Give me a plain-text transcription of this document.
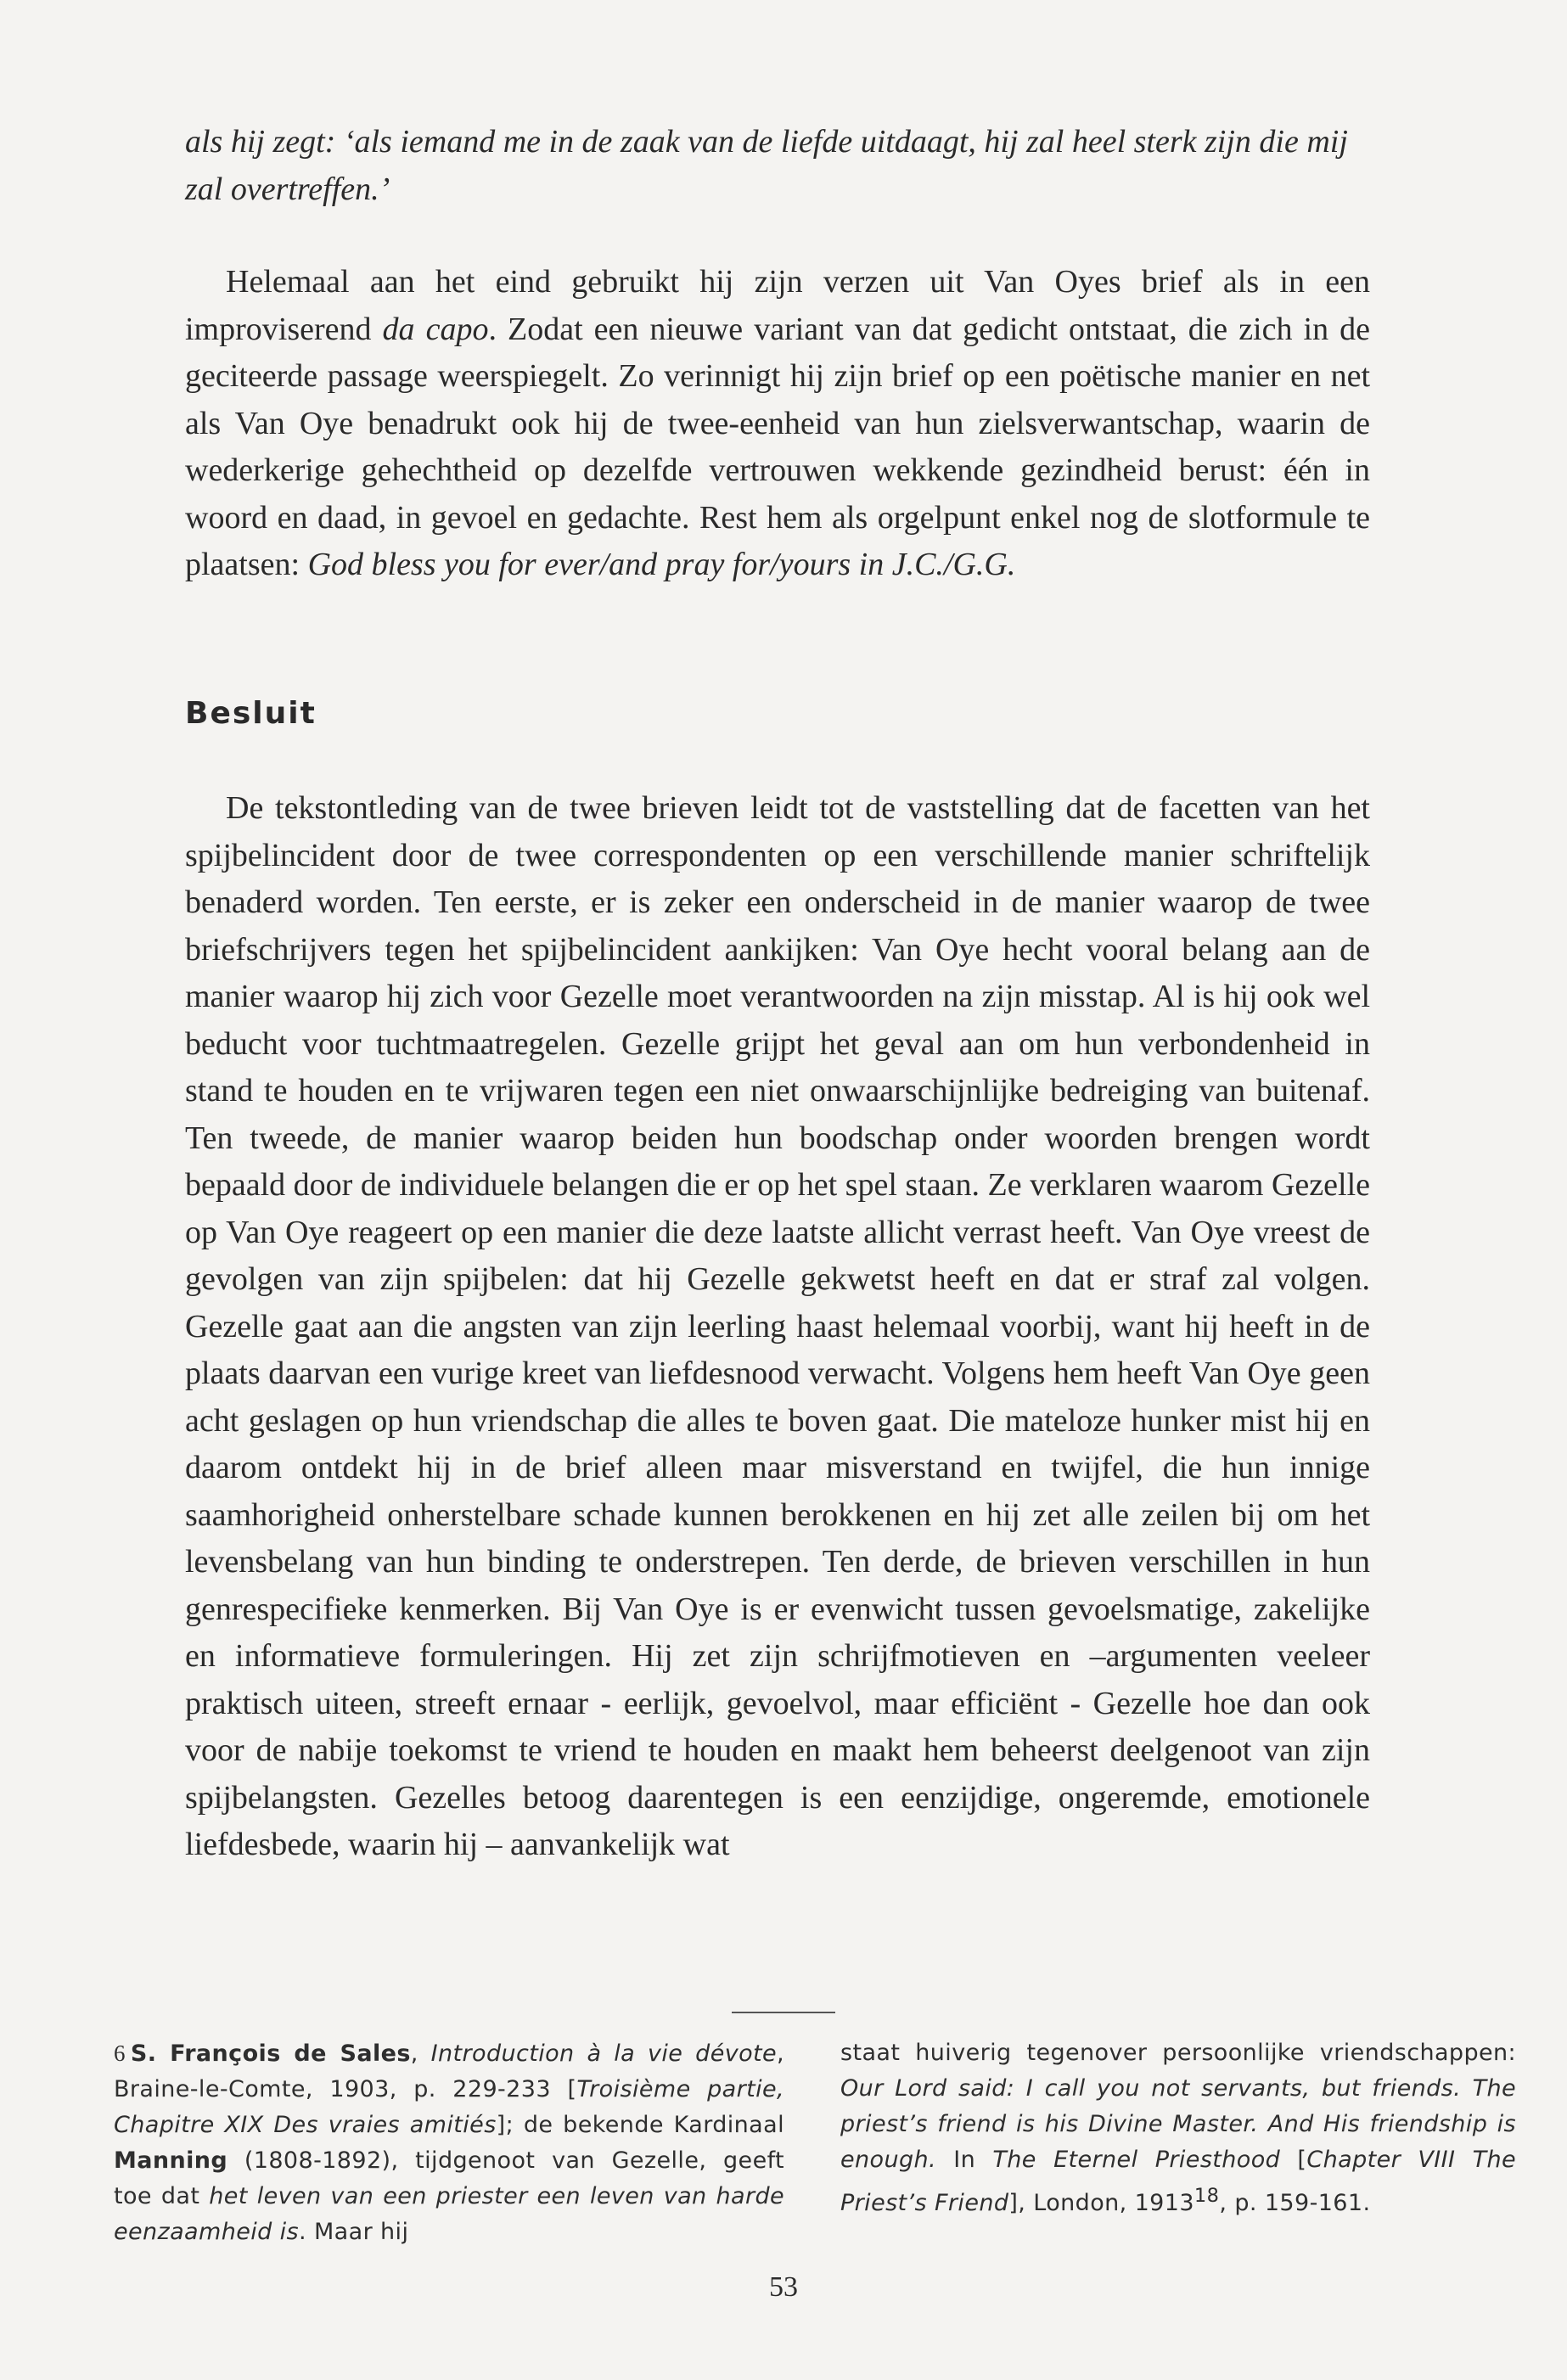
als hij zegt: ‘als iemand me in de zaak van de liefde uitdaagt, hij zal heel sterk zijn die mij zal overtreffen.’

Helemaal aan het eind gebruikt hij zijn verzen uit Van Oyes brief als in een improviserend da capo. Zodat een nieuwe variant van dat gedicht ontstaat, die zich in de geciteerde passage weerspiegelt. Zo verinnigt hij zijn brief op een poëtische manier en net als Van Oye benadrukt ook hij de twee-eenheid van hun zielsverwantschap, waarin de wederkerige gehechtheid op dezelfde vertrouwen wekkende gezindheid berust: één in woord en daad, in gevoel en gedachte. Rest hem als orgelpunt enkel nog de slotformule te plaatsen: God bless you for ever/and pray for/yours in J.C./G.G.

Besluit

De tekstontleding van de twee brieven leidt tot de vaststelling dat de facetten van het spijbelincident door de twee correspondenten op een verschillende manier schriftelijk benaderd worden. Ten eerste, er is zeker een onderscheid in de manier waarop de twee briefschrijvers tegen het spijbelincident aankijken: Van Oye hecht vooral belang aan de manier waarop hij zich voor Gezelle moet verantwoorden na zijn misstap. Al is hij ook wel beducht voor tuchtmaatregelen. Gezelle grijpt het geval aan om hun verbondenheid in stand te houden en te vrijwaren tegen een niet onwaarschijnlijke bedreiging van buitenaf. Ten tweede, de manier waarop beiden hun boodschap onder woorden brengen wordt bepaald door de individuele belangen die er op het spel staan. Ze verklaren waarom Gezelle op Van Oye reageert op een manier die deze laatste allicht verrast heeft. Van Oye vreest de gevolgen van zijn spijbelen: dat hij Gezelle gekwetst heeft en dat er straf zal volgen. Gezelle gaat aan die angsten van zijn leerling haast helemaal voorbij, want hij heeft in de plaats daarvan een vurige kreet van liefdesnood verwacht. Volgens hem heeft Van Oye geen acht geslagen op hun vriendschap die alles te boven gaat. Die mateloze hunker mist hij en daarom ontdekt hij in de brief alleen maar misverstand en twijfel, die hun innige saamhorigheid onherstelbare schade kunnen berokkenen en hij zet alle zeilen bij om het levensbelang van hun binding te onderstrepen. Ten derde, de brieven verschillen in hun genrespecifieke kenmerken. Bij Van Oye is er evenwicht tussen gevoelsmatige, zakelijke en informatieve formuleringen. Hij zet zijn schrijfmotieven en –argumenten veeleer praktisch uiteen, streeft ernaar - eerlijk, gevoelvol, maar efficiënt - Gezelle hoe dan ook voor de nabije toekomst te vriend te houden en maakt hem beheerst deelgenoot van zijn spijbelangsten. Gezelles betoog daarentegen is een eenzijdige, ongeremde, emotionele liefdesbede, waarin hij – aanvankelijk wat

6 S. François de Sales, Introduction à la vie dévote, Braine-le-Comte, 1903, p. 229-233 [Troisième partie, Chapitre XIX Des vraies amitiés]; de bekende Kardinaal Manning (1808-1892), tijdgenoot van Gezelle, geeft toe dat het leven van een priester een leven van harde eenzaamheid is. Maar hij

staat huiverig tegenover persoonlijke vriendschappen: Our Lord said: I call you not servants, but friends. The priest’s friend is his Divine Master. And His friendship is enough. In The Eternel Priesthood [Chapter VIII The Priest’s Friend], London, 1913$^{18}$, p. 159-161.

53
